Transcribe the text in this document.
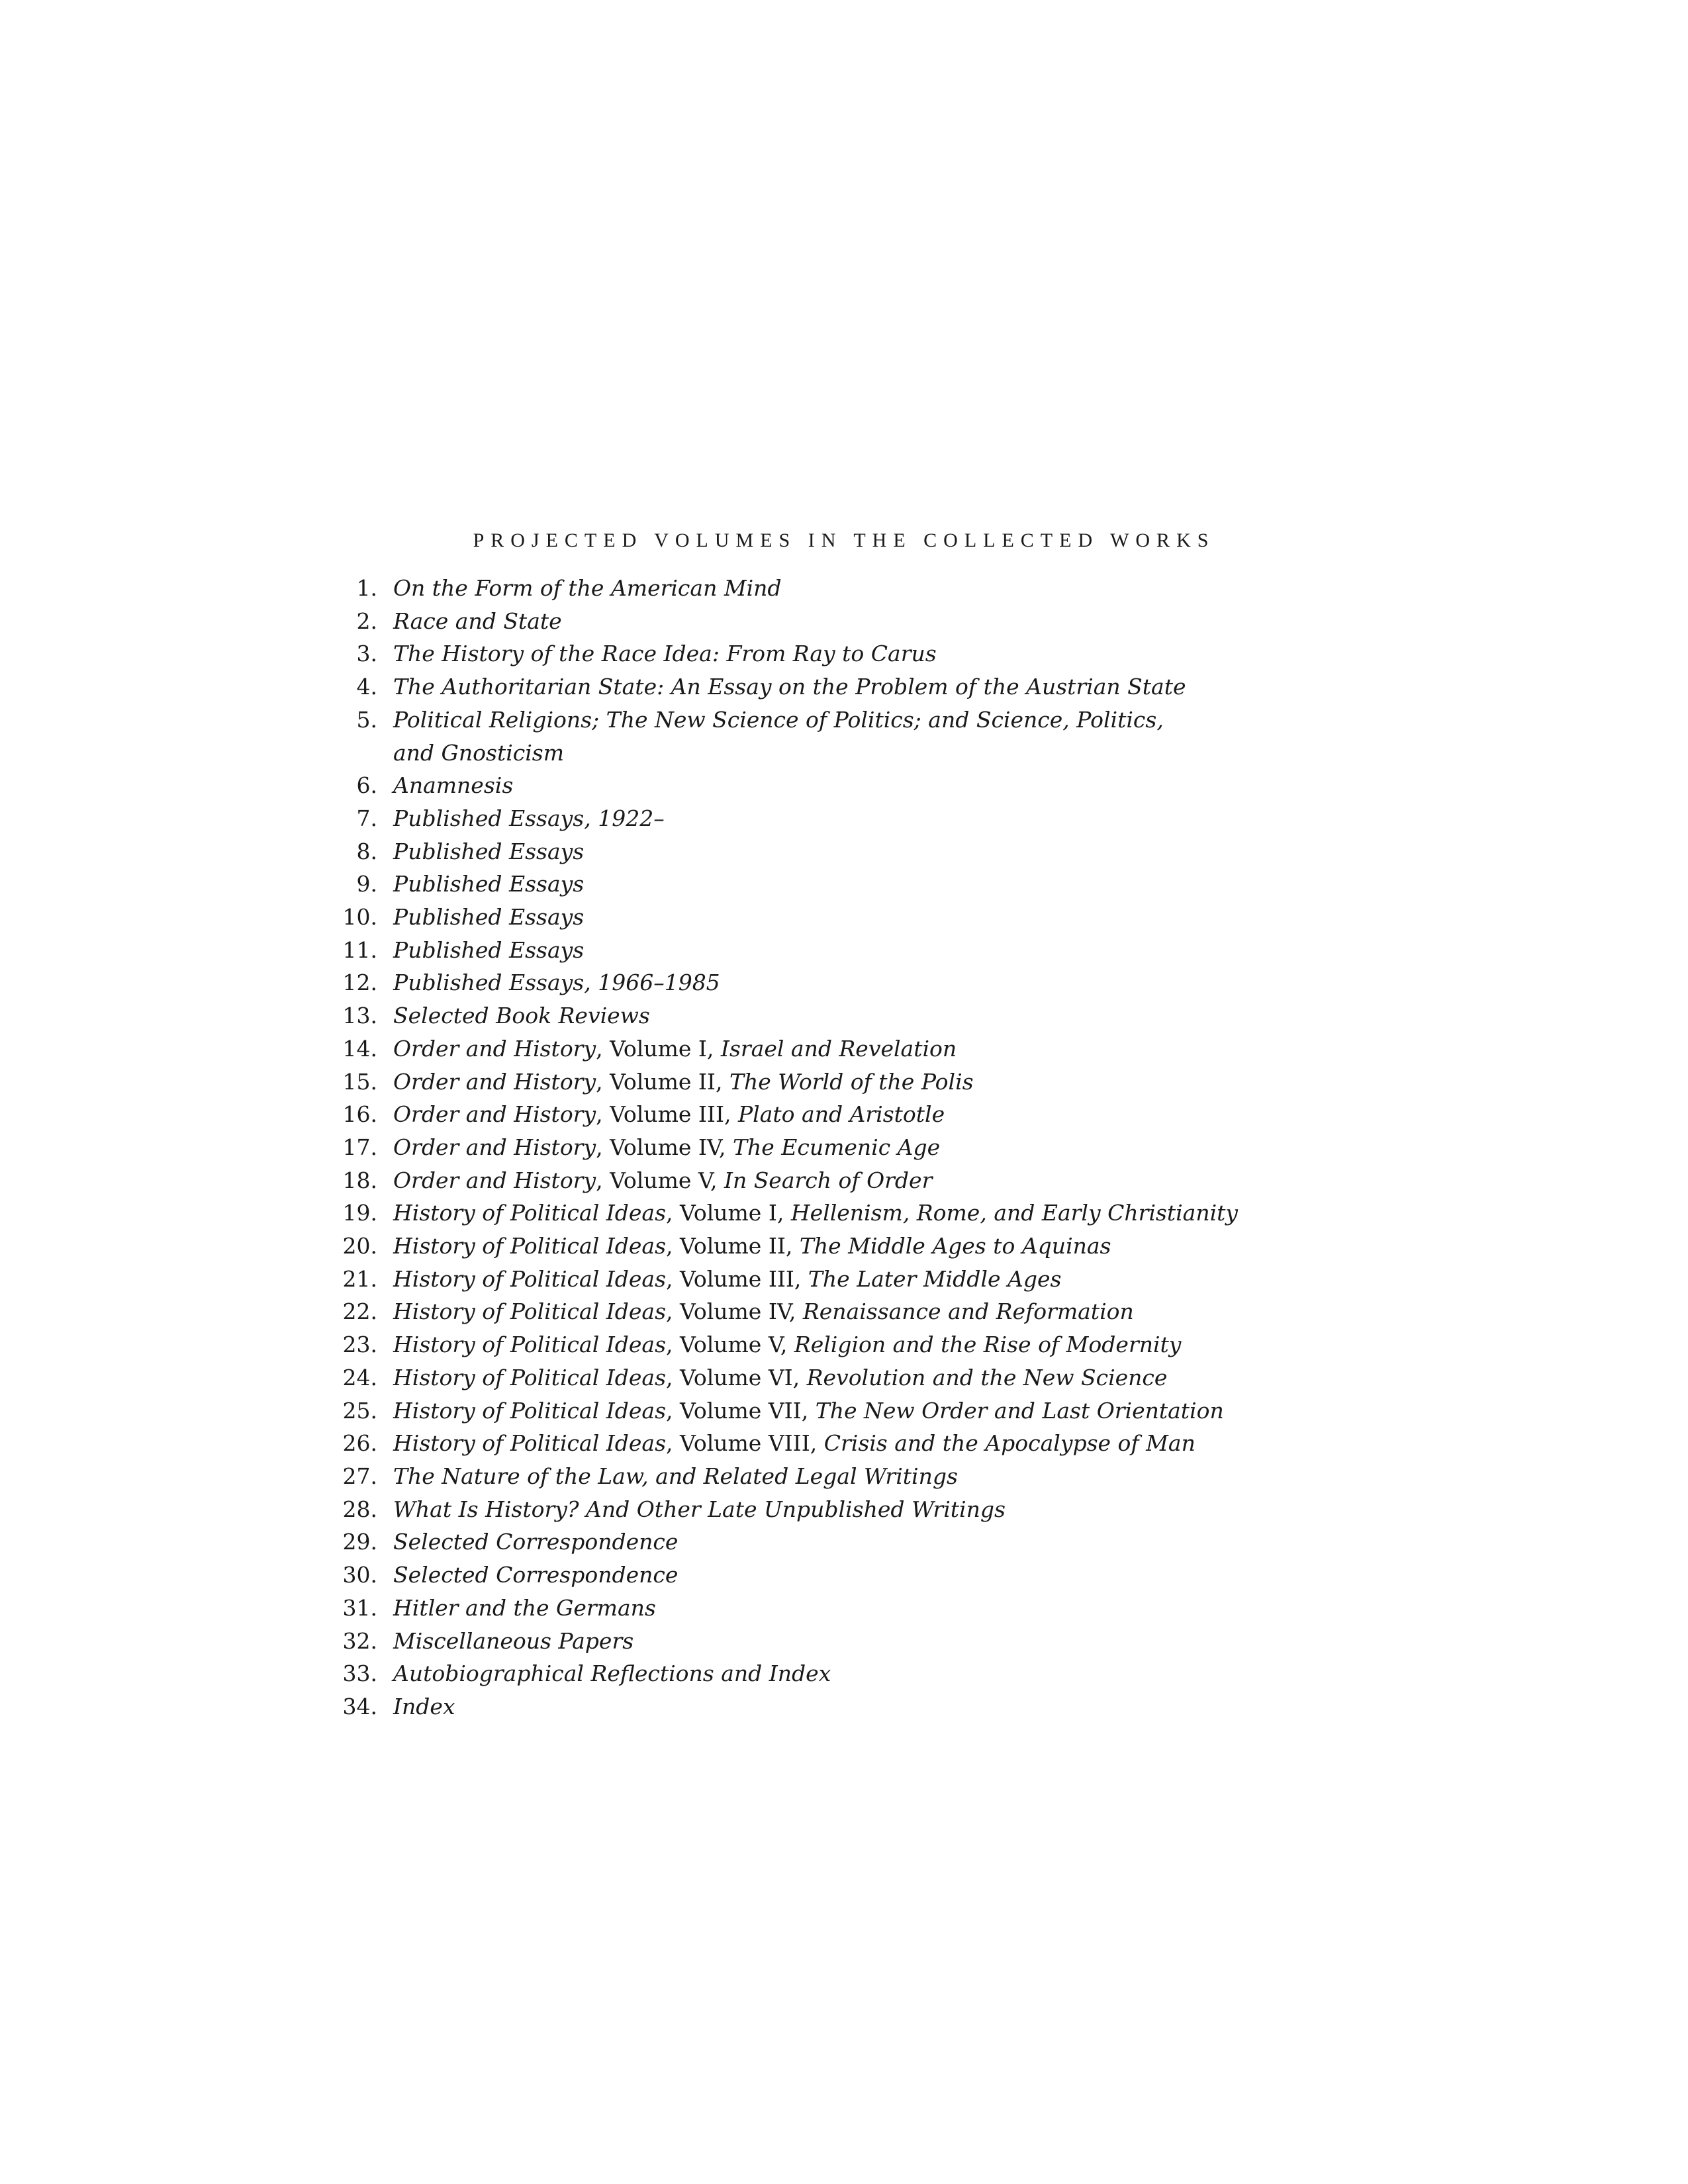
PROJECTED VOLUMES IN THE COLLECTED WORKS
1. On the Form of the American Mind
2. Race and State
3. The History of the Race Idea: From Ray to Carus
4. The Authoritarian State: An Essay on the Problem of the Austrian State
5. Political Religions; The New Science of Politics; and Science, Politics,
and Gnosticism
6. Anamnesis
7. Published Essays, 1922–
8. Published Essays
9. Published Essays
10. Published Essays
11. Published Essays
12. Published Essays, 1966–1985
13. Selected Book Reviews
14. Order and History, Volume I, Israel and Revelation
15. Order and History, Volume II, The World of the Polis
16. Order and History, Volume III, Plato and Aristotle
17. Order and History, Volume IV, The Ecumenic Age
18. Order and History, Volume V, In Search of Order
19. History of Political Ideas, Volume I, Hellenism, Rome, and Early Christianity
20. History of Political Ideas, Volume II, The Middle Ages to Aquinas
21. History of Political Ideas, Volume III, The Later Middle Ages
22. History of Political Ideas, Volume IV, Renaissance and Reformation
23. History of Political Ideas, Volume V, Religion and the Rise of Modernity
24. History of Political Ideas, Volume VI, Revolution and the New Science
25. History of Political Ideas, Volume VII, The New Order and Last Orientation
26. History of Political Ideas, Volume VIII, Crisis and the Apocalypse of Man
27. The Nature of the Law, and Related Legal Writings
28. What Is History? And Other Late Unpublished Writings
29. Selected Correspondence
30. Selected Correspondence
31. Hitler and the Germans
32. Miscellaneous Papers
33. Autobiographical Reflections and Index
34. Index
